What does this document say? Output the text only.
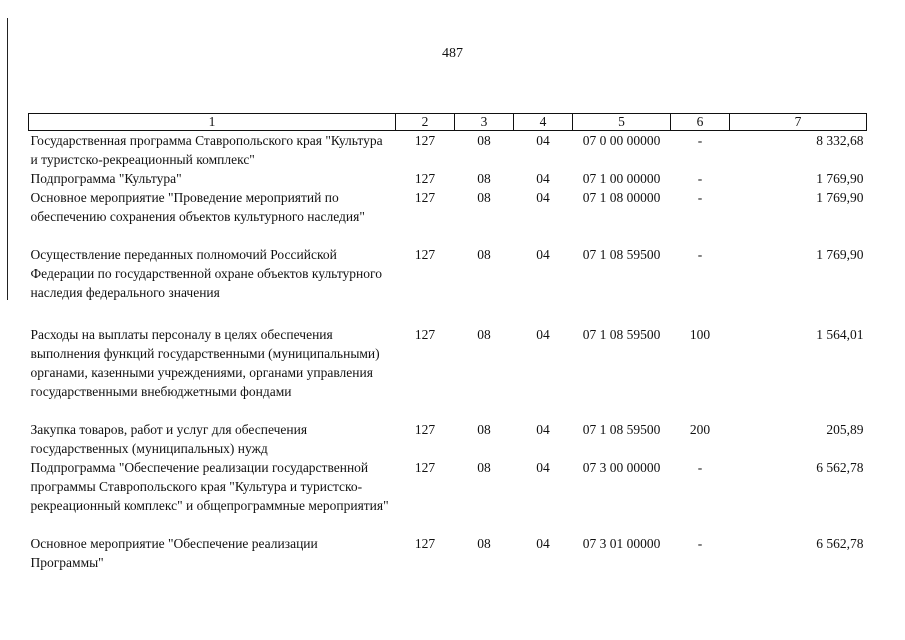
487
1	2	3	4	5	6	7
Государственная программа Ставропольского края "Культура и туристско-рекреационный комплекс"	127	08	04	07 0 00 00000	-	8 332,68
Подпрограмма "Культура"	127	08	04	07 1 00 00000	-	1 769,90
Основное мероприятие "Проведение мероприятий по обеспечению сохранения объектов культурного наследия"	127	08	04	07 1 08 00000	-	1 769,90
Осуществление переданных полномочий Российской Федерации по государственной охране объектов культурного наследия федерального значения	127	08	04	07 1 08 59500	-	1 769,90
Расходы на выплаты персоналу в целях обеспечения выполнения функций государственными (муниципальными) органами, казенными учреждениями, органами управления государственными внебюджетными фондами	127	08	04	07 1 08 59500	100	1 564,01
Закупка товаров, работ и услуг для обеспечения государственных (муниципальных) нужд	127	08	04	07 1 08 59500	200	205,89
Подпрограмма "Обеспечение реализации государственной программы Ставропольского края "Культура и туристско-рекреационный комплекс" и общепрограммные мероприятия"	127	08	04	07 3 00 00000	-	6 562,78
Основное мероприятие "Обеспечение реализации Программы"	127	08	04	07 3 01 00000	-	6 562,78
